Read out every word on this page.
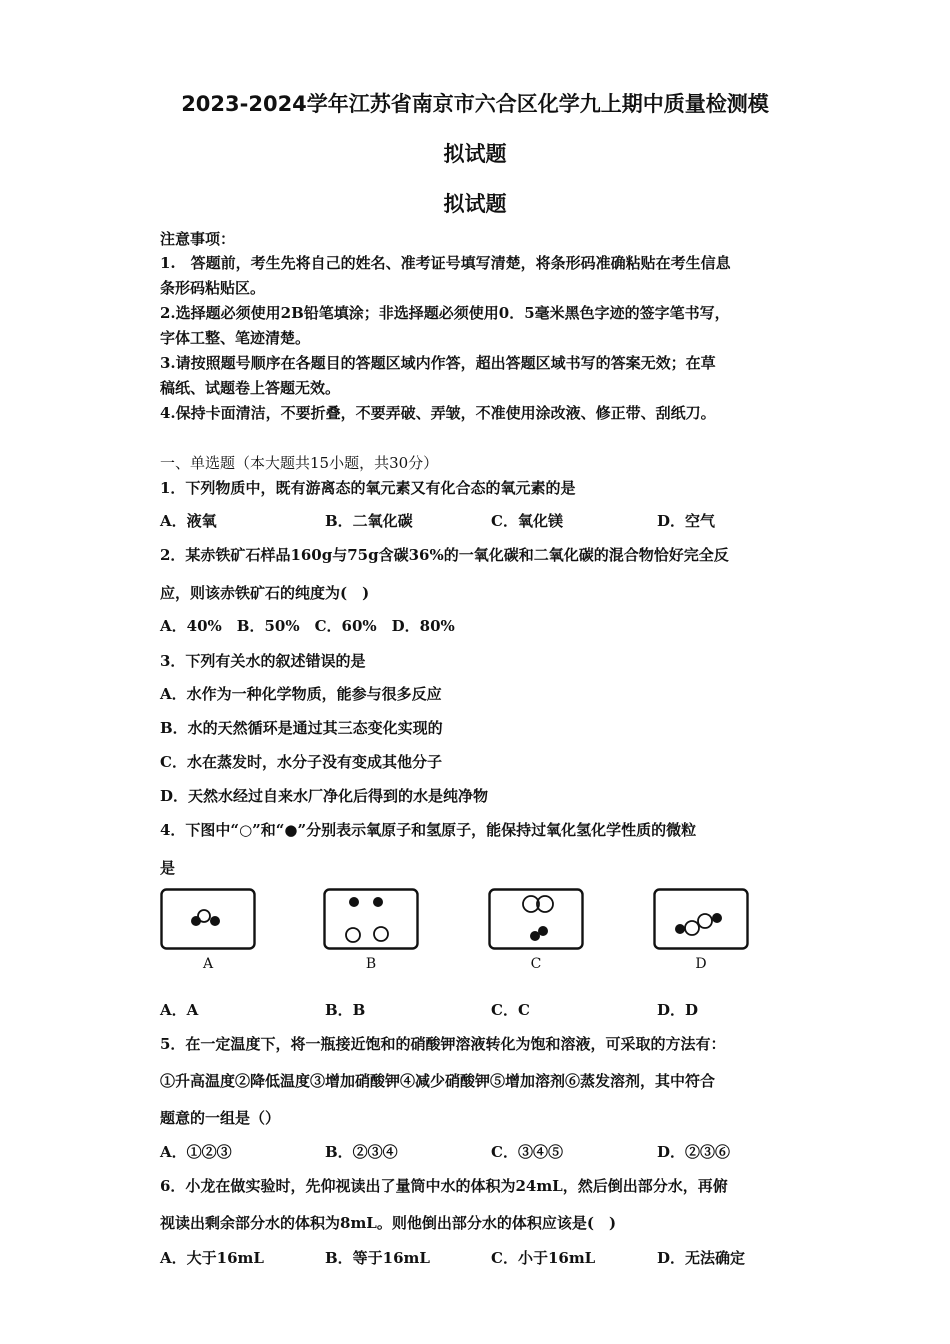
2023-2024学年江苏省南京市六合区化学九上期中质量检测模
拟试题
拟试题
注意事项：
1.　答题前，考生先将自己的姓名、准考证号填写清楚，将条形码准确粘贴在考生信息
条形码粘贴区。
2.选择题必须使用2B铅笔填涂；非选择题必须使用0．5毫米黑色字迹的签字笔书写，
字体工整、笔迹清楚。
3.请按照题号顺序在各题目的答题区域内作答，超出答题区域书写的答案无效；在草
稿纸、试题卷上答题无效。
4.保持卡面清洁，不要折叠，不要弄破、弄皱，不准使用涂改液、修正带、刮纸刀。
一、单选题（本大题共15小题，共30分）
1．下列物质中，既有游离态的氧元素又有化合态的氧元素的是
A．液氧	B．二氧化碳	C．氧化镁	D．空气
2．某赤铁矿石样品160g与75g含碳36%的一氧化碳和二氧化碳的混合物恰好完全反
应，则该赤铁矿石的纯度为(　)
A．40%　B．50%　C．60%　D．80%
3．下列有关水的叙述错误的是
A．水作为一种化学物质，能参与很多反应
B．水的天然循环是通过其三态变化实现的
C．水在蒸发时，水分子没有变成其他分子
D．天然水经过自来水厂净化后得到的水是纯净物
4．下图中“○”和“●”分别表示氧原子和氢原子，能保持过氧化氢化学性质的微粒
是
A	B	C	D
A．A	B．B	C．C	D．D
5．在一定温度下，将一瓶接近饱和的硝酸钾溶液转化为饱和溶液，可采取的方法有：
①升高温度②降低温度③增加硝酸钾④减少硝酸钾⑤增加溶剂⑥蒸发溶剂，其中符合
题意的一组是（）
A．①②③	B．②③④	C．③④⑤	D．②③⑥
6．小龙在做实验时，先仰视读出了量筒中水的体积为24mL，然后倒出部分水，再俯
视读出剩余部分水的体积为8mL。则他倒出部分水的体积应该是(　)
A．大于16mL	B．等于16mL	C．小于16mL	D．无法确定
